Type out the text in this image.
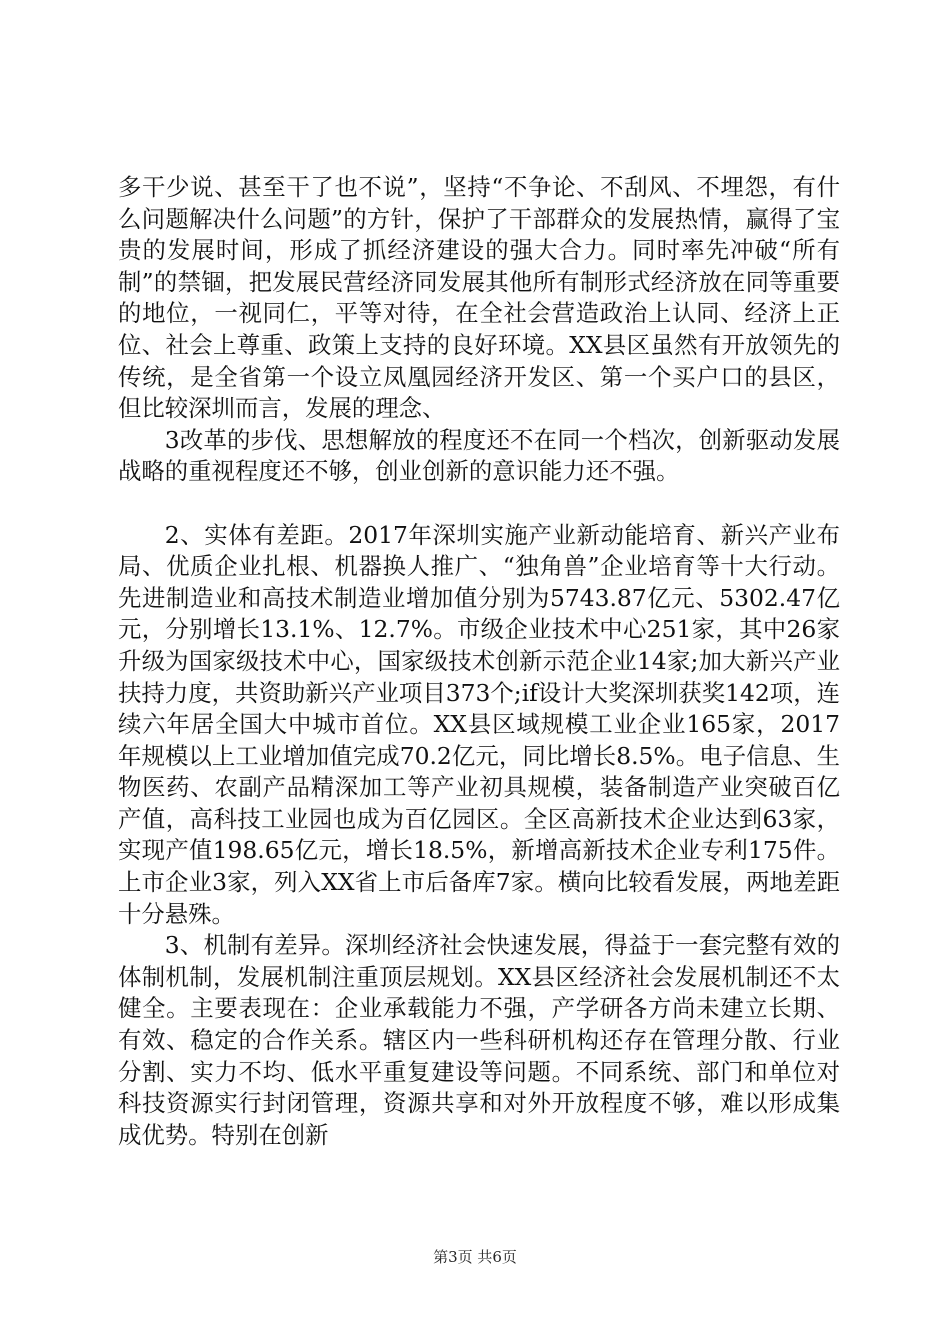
多干少说、甚至干了也不说”，坚持“不争论、不刮风、不埋怨，有什么问题解决什么问题”的方针，保护了干部群众的发展热情，赢得了宝贵的发展时间，形成了抓经济建设的强大合力。同时率先冲破“所有制”的禁锢，把发展民营经济同发展其他所有制形式经济放在同等重要的地位，一视同仁，平等对待，在全社会营造政治上认同、经济上正位、社会上尊重、政策上支持的良好环境。XX县区虽然有开放领先的传统，是全省第一个设立凤凰园经济开发区、第一个买户口的县区，但比较深圳而言，发展的理念、

3改革的步伐、思想解放的程度还不在同一个档次，创新驱动发展战略的重视程度还不够，创业创新的意识能力还不强。

2、实体有差距。2017年深圳实施产业新动能培育、新兴产业布局、优质企业扎根、机器换人推广、“独角兽”企业培育等十大行动。先进制造业和高技术制造业增加值分别为5743.87亿元、5302.47亿元，分别增长13.1%、12.7%。市级企业技术中心251家，其中26家升级为国家级技术中心，国家级技术创新示范企业14家;加大新兴产业扶持力度，共资助新兴产业项目373个;if设计大奖深圳获奖142项，连续六年居全国大中城市首位。XX县区域规模工业企业165家，2017年规模以上工业增加值完成70.2亿元，同比增长8.5%。电子信息、生物医药、农副产品精深加工等产业初具规模，装备制造产业突破百亿产值，高科技工业园也成为百亿园区。全区高新技术企业达到63家，实现产值198.65亿元，增长18.5%，新增高新技术企业专利175件。上市企业3家，列入XX省上市后备库7家。横向比较看发展，两地差距十分悬殊。

3、机制有差异。深圳经济社会快速发展，得益于一套完整有效的体制机制，发展机制注重顶层规划。XX县区经济社会发展机制还不太健全。主要表现在：企业承载能力不强，产学研各方尚未建立长期、有效、稳定的合作关系。辖区内一些科研机构还存在管理分散、行业分割、实力不均、低水平重复建设等问题。不同系统、部门和单位对科技资源实行封闭管理，资源共享和对外开放程度不够，难以形成集成优势。特别在创新

第3页 共6页
